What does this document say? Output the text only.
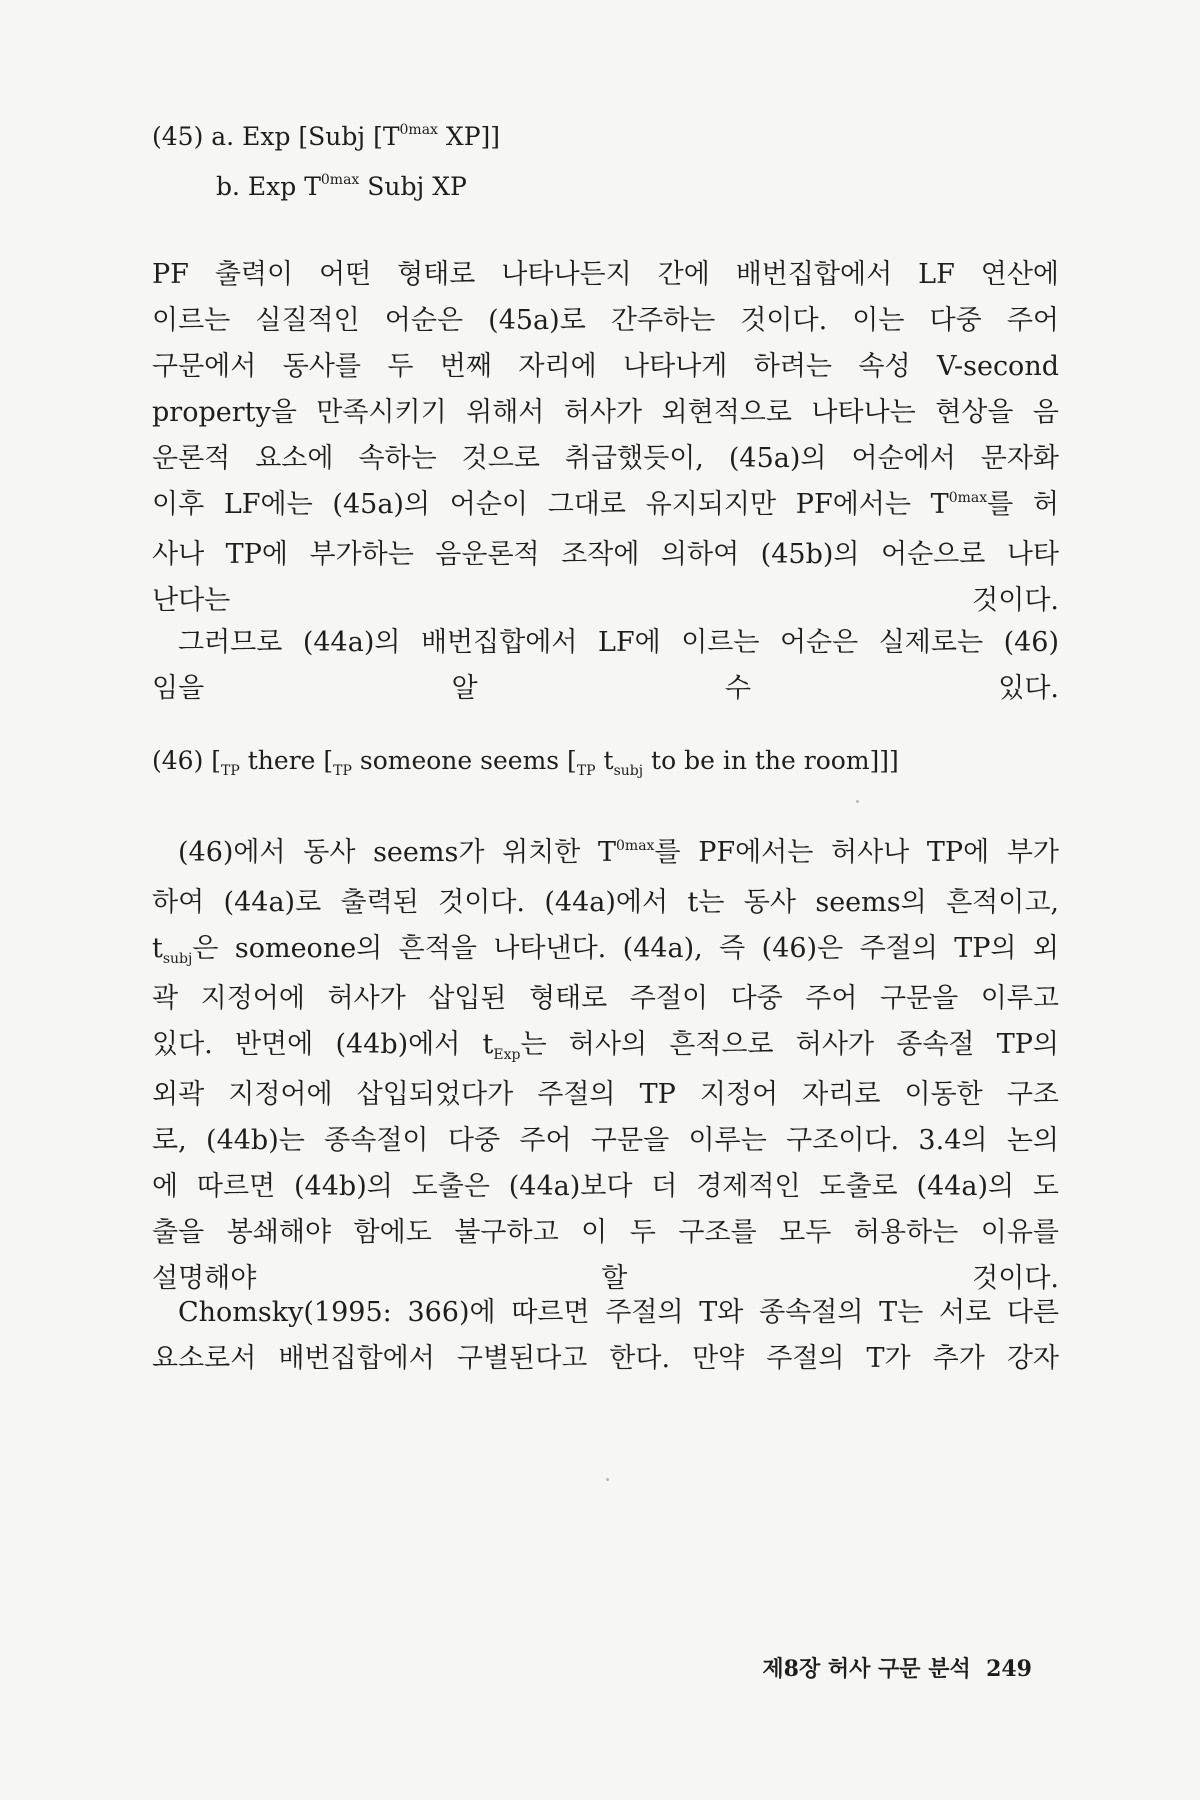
(45) a. Exp [Subj [$T^{0max}$ XP]]
b. Exp $T^{0max}$ Subj XP
PF 출력이 어떤 형태로 나타나든지 간에 배번집합에서 LF 연산에
이르는 실질적인 어순은 (45a)로 간주하는 것이다. 이는 다중 주어
구문에서 동사를 두 번째 자리에 나타나게 하려는 속성 V-second
property을 만족시키기 위해서 허사가 외현적으로 나타나는 현상을 음
운론적 요소에 속하는 것으로 취급했듯이, (45a)의 어순에서 문자화
이후 LF에는 (45a)의 어순이 그대로 유지되지만 PF에서는 $T^{0max}$를 허
사나 TP에 부가하는 음운론적 조작에 의하여 (45b)의 어순으로 나타
난다는 것이다.
그러므로 (44a)의 배번집합에서 LF에 이르는 어순은 실제로는 (46)
임을 알 수 있다.
(46) [$_{TP}$ there [$_{TP}$ someone seems [$_{TP}$ $t_{subj}$ to be in the room]]]
(46)에서 동사 seems가 위치한 $T^{0max}$를 PF에서는 허사나 TP에 부가
하여 (44a)로 출력된 것이다. (44a)에서 t는 동사 seems의 흔적이고,
$t_{subj}$은 someone의 흔적을 나타낸다. (44a), 즉 (46)은 주절의 TP의 외
곽 지정어에 허사가 삽입된 형태로 주절이 다중 주어 구문을 이루고
있다. 반면에 (44b)에서 $t_{Exp}$는 허사의 흔적으로 허사가 종속절 TP의
외곽 지정어에 삽입되었다가 주절의 TP 지정어 자리로 이동한 구조
로, (44b)는 종속절이 다중 주어 구문을 이루는 구조이다. 3.4의 논의
에 따르면 (44b)의 도출은 (44a)보다 더 경제적인 도출로 (44a)의 도
출을 봉쇄해야 함에도 불구하고 이 두 구조를 모두 허용하는 이유를
설명해야 할 것이다.
Chomsky(1995: 366)에 따르면 주절의 T와 종속절의 T는 서로 다른
요소로서 배번집합에서 구별된다고 한다. 만약 주절의 T가 추가 강자
제8장 허사 구문 분석 249
